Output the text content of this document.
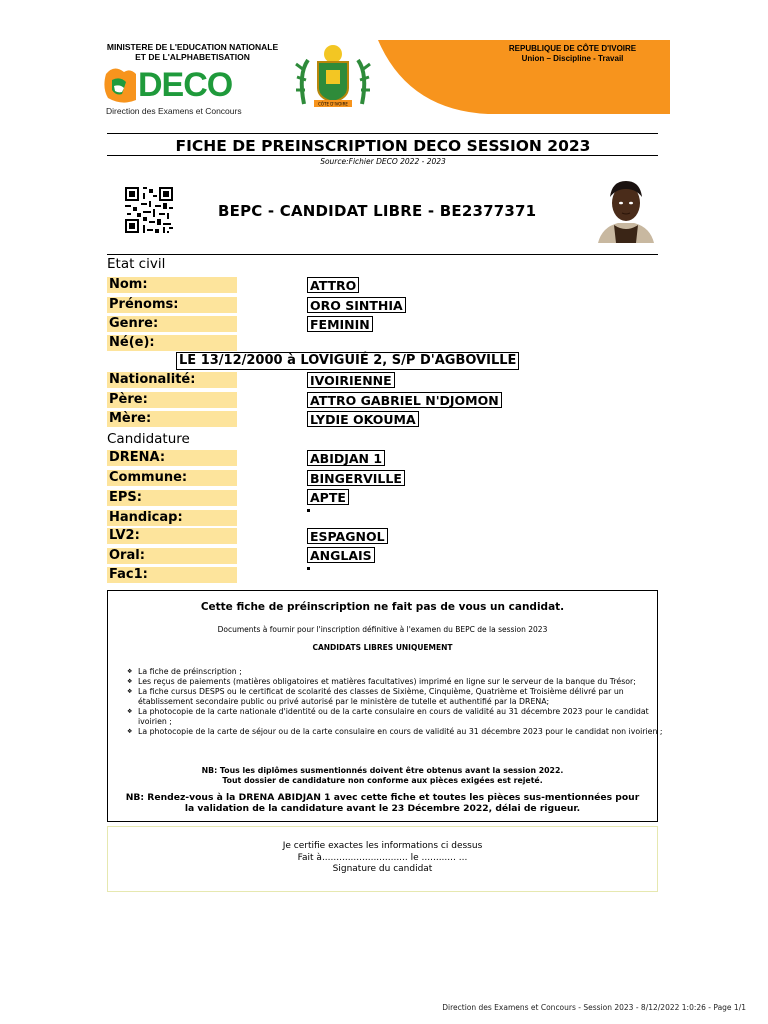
MINISTERE DE L'EDUCATION NATIONALE
ET DE L'ALPHABETISATION
DECO
Direction des Examens et Concours
CÔTE D'IVOIRE
REPUBLIQUE DE CÔTE D'IVOIRE
Union – Discipline - Travail
FICHE DE PREINSCRIPTION DECO SESSION 2023
Source:Fichier DECO 2022 - 2023
BEPC - CANDIDAT LIBRE - BE2377371
Etat civil
Nom:	ATTRO
Prénoms:	ORO SINTHIA
Genre:	FEMININ
Né(e):
LE 13/12/2000 à LOVIGUIÉ 2, S/P D'AGBOVILLE
Nationalité:	IVOIRIENNE
Père:	ATTRO GABRIEL N'DJOMON
Mère:	LYDIE OKOUMA
Candidature
DRENA:	ABIDJAN 1
Commune:	BINGERVILLE
EPS:	APTE
Handicap:
LV2:	ESPAGNOL
Oral:	ANGLAIS
Fac1:
Cette fiche de préinscription ne fait pas de vous un candidat.
Documents à fournir pour l'inscription définitive à l'examen du BEPC de la session 2023
CANDIDATS LIBRES UNIQUEMENT
❖ La fiche de préinscription ;
❖ Les reçus de paiements (matières obligatoires et matières facultatives) imprimé en ligne sur le serveur de la banque du Trésor;
❖ La fiche cursus DESPS ou le certificat de scolarité des classes de Sixième, Cinquième, Quatrième et Troisième délivré par un établissement secondaire public ou privé autorisé par le ministère de tutelle et authentifié par la DRENA;
❖ La photocopie de la carte nationale d'identité ou de la carte consulaire en cours de validité au 31 décembre 2023 pour le candidat ivoirien ;
❖ La photocopie de la carte de séjour ou de la carte consulaire en cours de validité au 31 décembre 2023 pour le candidat non ivoirien ;
NB: Tous les diplômes susmentionnés doivent être obtenus avant la session 2022.
Tout dossier de candidature non conforme aux pièces exigées est rejeté.
NB: Rendez-vous à la DRENA ABIDJAN 1 avec cette fiche et toutes les pièces sus-mentionnées pour
la validation de la candidature avant le 23 Décembre 2022, délai de rigueur.
Je certifie exactes les informations ci dessus
Fait à.............................. le ............ ...
Signature du candidat
Direction des Examens et Concours - Session 2023 - 8/12/2022 1:0:26 - Page 1/1
